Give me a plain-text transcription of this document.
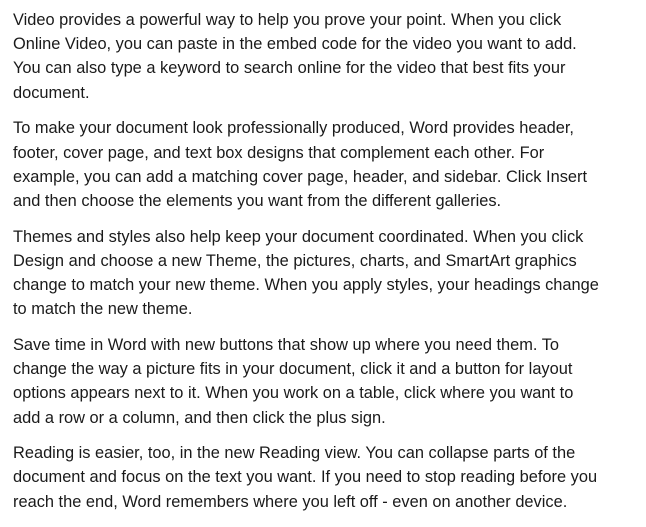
Video provides a powerful way to help you prove your point. When you click
Online Video, you can paste in the embed code for the video you want to add.
You can also type a keyword to search online for the video that best fits your
document.

To make your document look professionally produced, Word provides header,
footer, cover page, and text box designs that complement each other. For
example, you can add a matching cover page, header, and sidebar. Click Insert
and then choose the elements you want from the different galleries.

Themes and styles also help keep your document coordinated. When you click
Design and choose a new Theme, the pictures, charts, and SmartArt graphics
change to match your new theme. When you apply styles, your headings change
to match the new theme.

Save time in Word with new buttons that show up where you need them. To
change the way a picture fits in your document, click it and a button for layout
options appears next to it. When you work on a table, click where you want to
add a row or a column, and then click the plus sign.

Reading is easier, too, in the new Reading view. You can collapse parts of the
document and focus on the text you want. If you need to stop reading before you
reach the end, Word remembers where you left off - even on another device.
